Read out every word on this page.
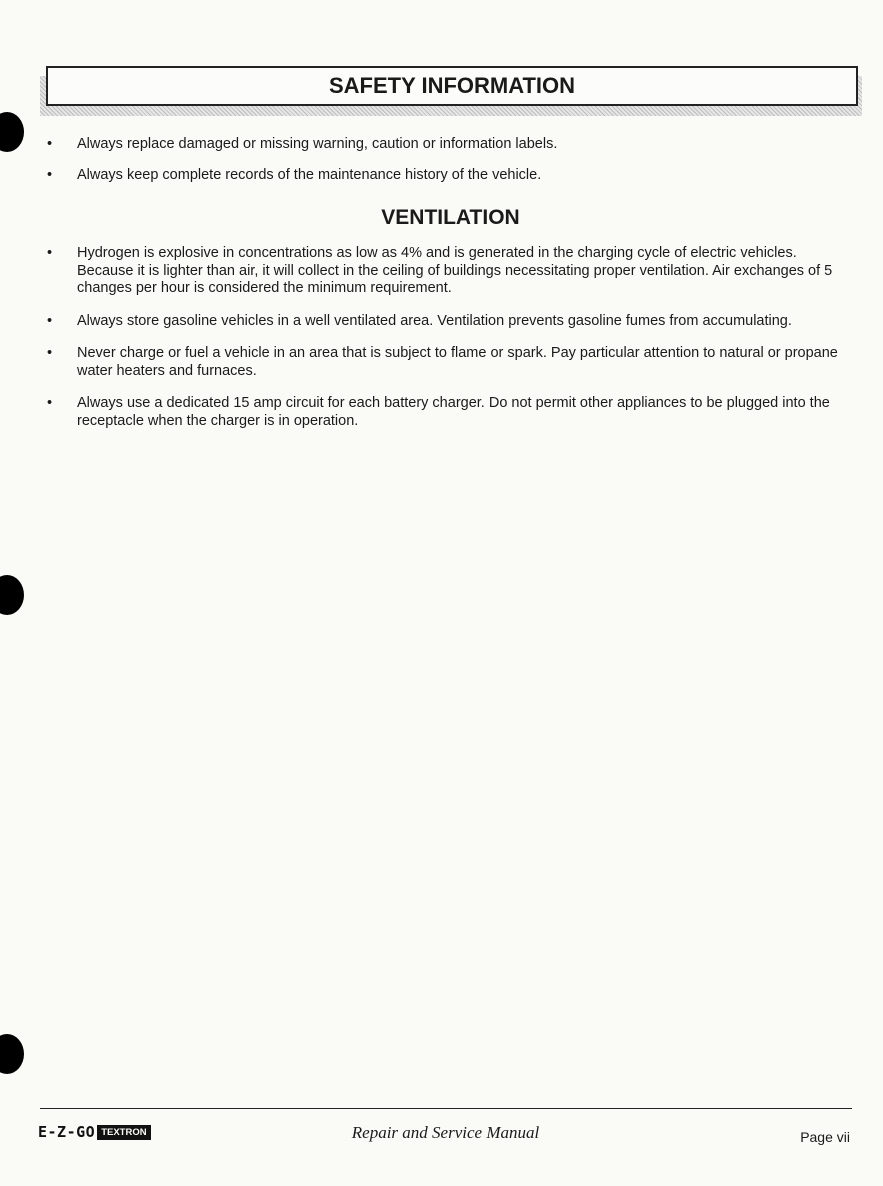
SAFETY INFORMATION
• Always replace damaged or missing warning, caution or information labels.
• Always keep complete records of the maintenance history of the vehicle.
VENTILATION
• Hydrogen is explosive in concentrations as low as 4% and is generated in the charging cycle of electric vehicles. Because it is lighter than air, it will collect in the ceiling of buildings necessitating proper ventilation. Air exchanges of 5 changes per hour is considered the minimum requirement.
• Always store gasoline vehicles in a well ventilated area. Ventilation prevents gasoline fumes from accumulating.
• Never charge or fuel a vehicle in an area that is subject to flame or spark. Pay particular attention to natural or propane water heaters and furnaces.
• Always use a dedicated 15 amp circuit for each battery charger. Do not permit other appliances to be plugged into the receptacle when the charger is in operation.
E-Z-GO TEXTRON	Repair and Service Manual	Page vii
